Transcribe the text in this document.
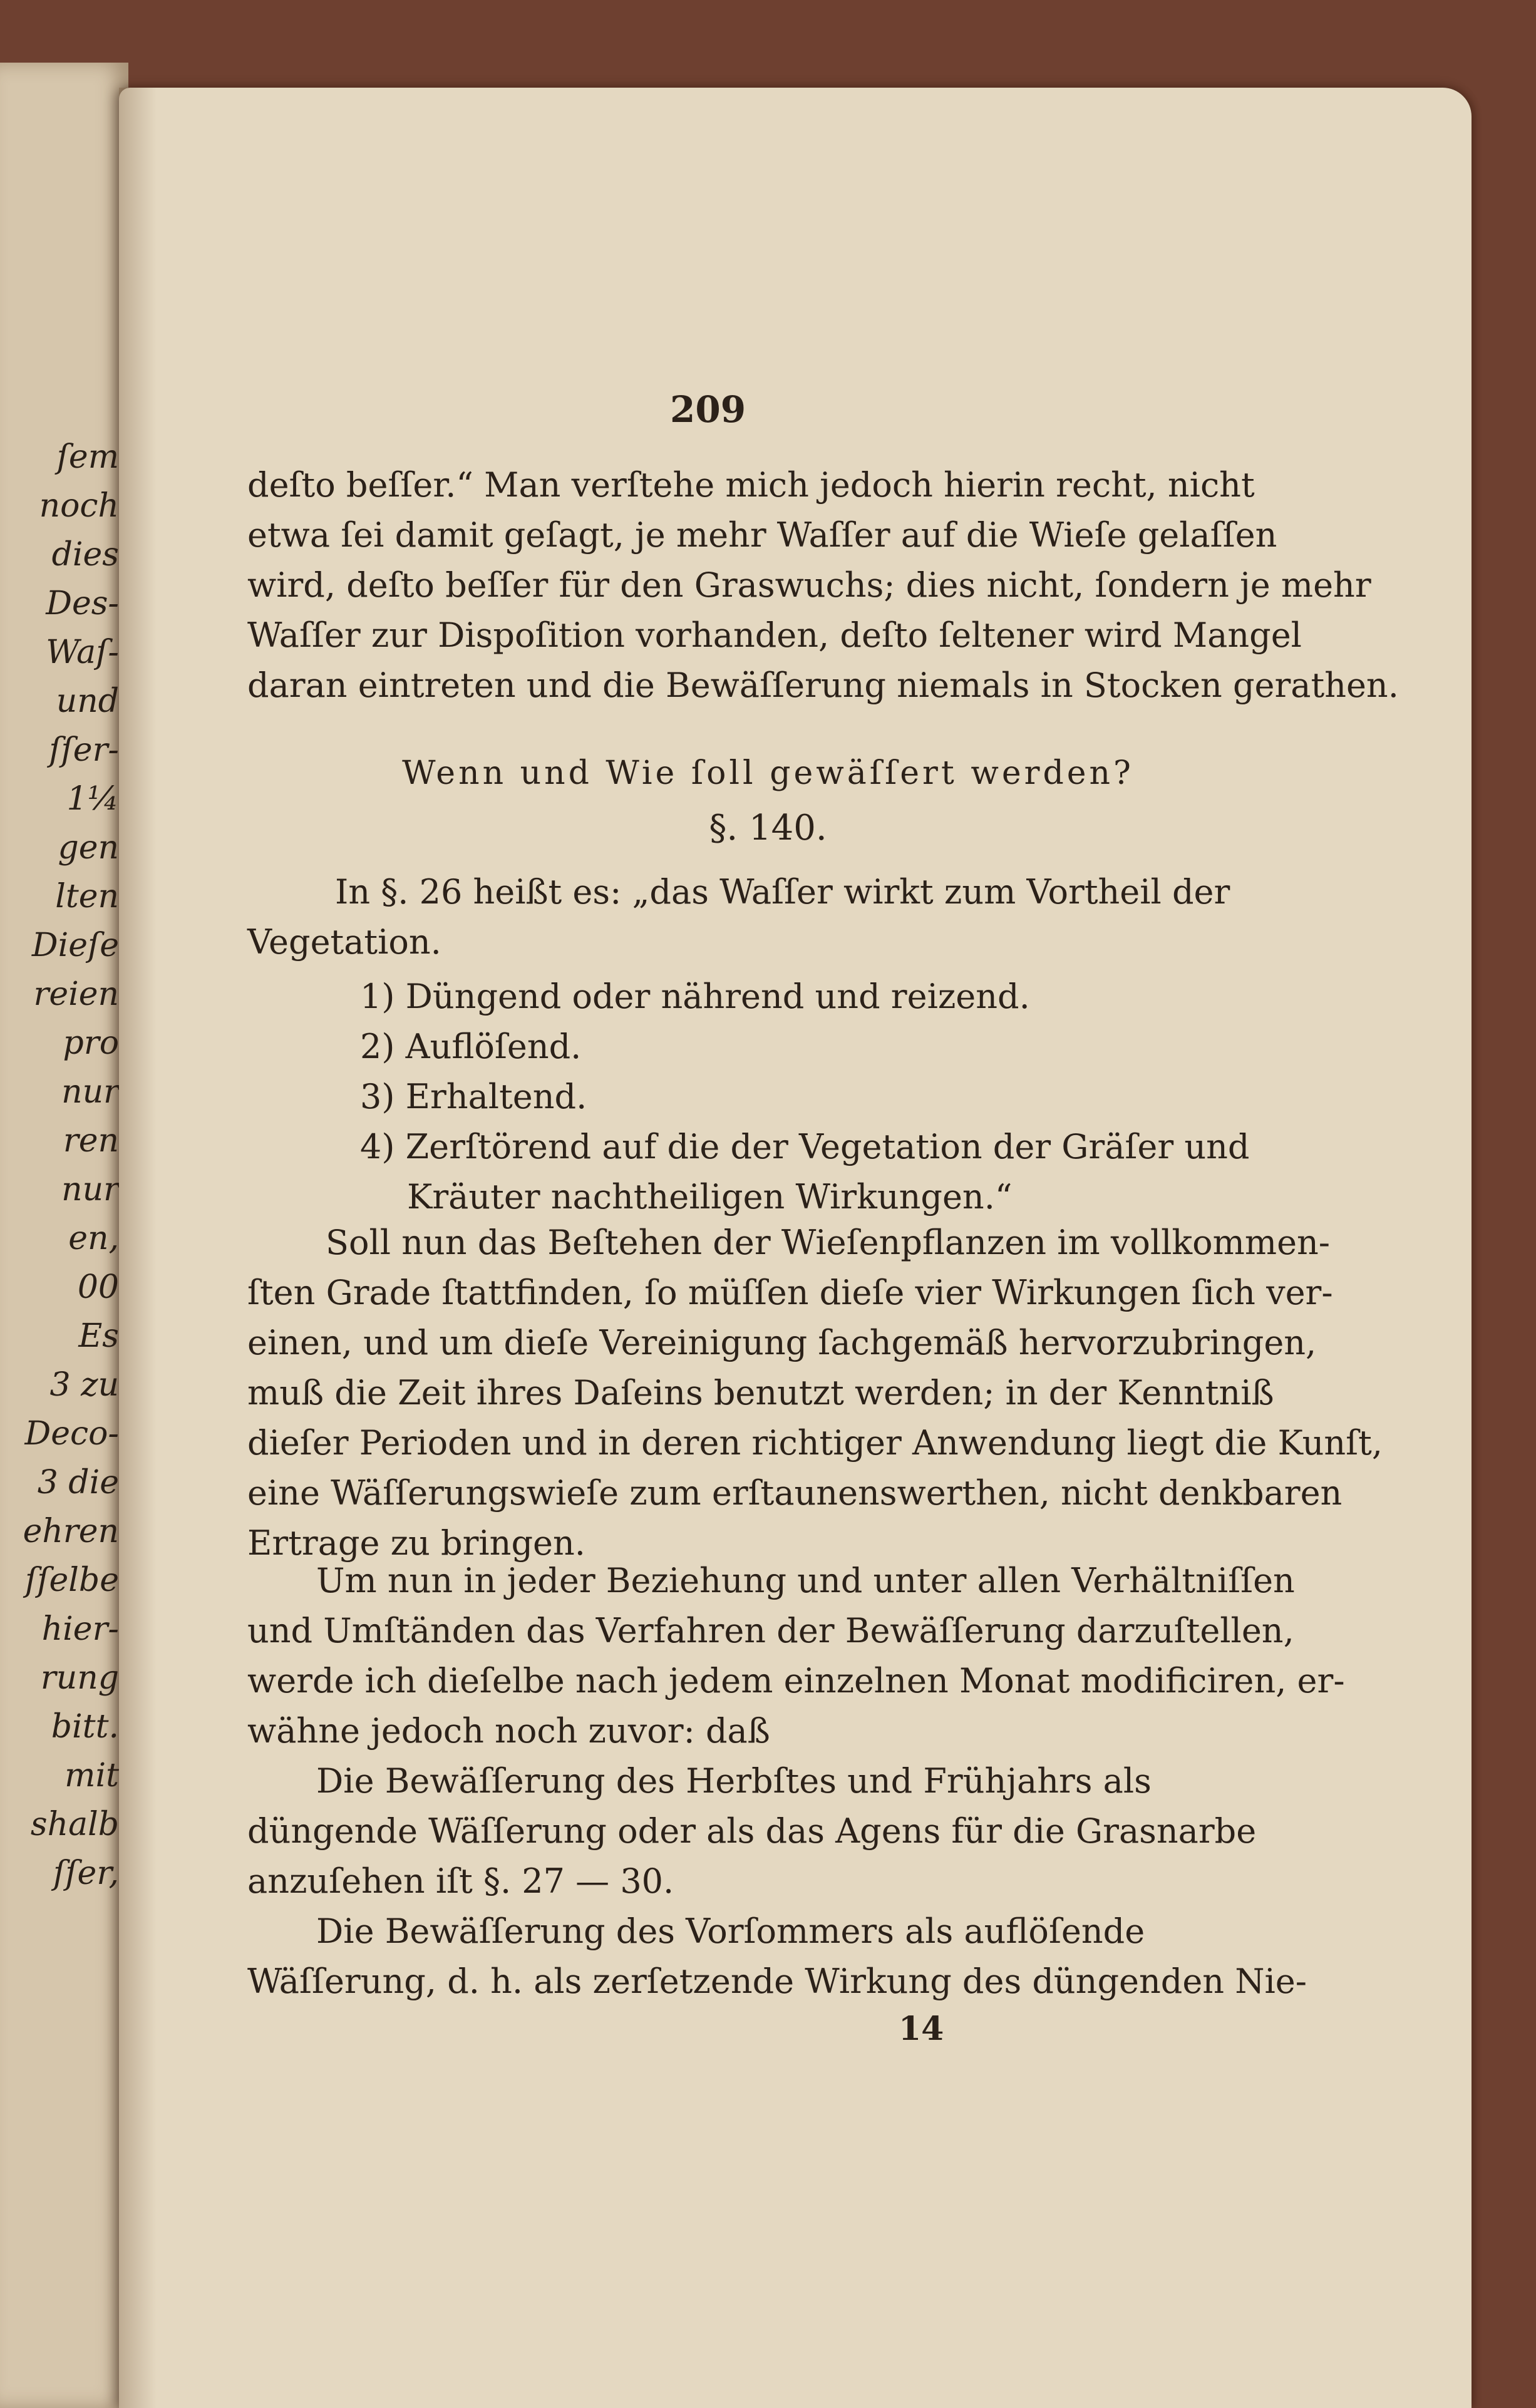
ſem
noch
dies
Des-
Waſ-
und
ſſer-
1¼
gen
lten
Dieſe
reien
pro
nur
ren
nur
en,
00
Es
3 zu
Deco-
3 die
ehren
ſſelbe
hier-
rung
bitt.
mit
shalb
ſſer,
209
deſto beſſer.“ Man verſtehe mich jedoch hierin recht, nicht
etwa ſei damit geſagt, je mehr Waſſer auf die Wieſe gelaſſen
wird, deſto beſſer für den Graswuchs; dies nicht, ſondern je mehr
Waſſer zur Dispoſition vorhanden, deſto ſeltener wird Mangel
daran eintreten und die Bewäſſerung niemals in Stocken gerathen.
Wenn und Wie ſoll gewäſſert werden?
§. 140.
In §. 26 heißt es: „das Waſſer wirkt zum Vortheil der
Vegetation.
1) Düngend oder nährend und reizend.
2) Auflöſend.
3) Erhaltend.
4) Zerſtörend auf die der Vegetation der Gräſer und
Kräuter nachtheiligen Wirkungen.“
Soll nun das Beſtehen der Wieſenpflanzen im vollkommen-
ſten Grade ſtattfinden, ſo müſſen dieſe vier Wirkungen ſich ver-
einen, und um dieſe Vereinigung ſachgemäß hervorzubringen,
muß die Zeit ihres Daſeins benutzt werden; in der Kenntniß
dieſer Perioden und in deren richtiger Anwendung liegt die Kunſt,
eine Wäſſerungswieſe zum erſtaunenswerthen, nicht denkbaren
Ertrage zu bringen.
Um nun in jeder Beziehung und unter allen Verhältniſſen
und Umſtänden das Verfahren der Bewäſſerung darzuſtellen,
werde ich dieſelbe nach jedem einzelnen Monat modificiren, er-
wähne jedoch noch zuvor: daß
Die Bewäſſerung des Herbſtes und Frühjahrs als
düngende Wäſſerung oder als das Agens für die Grasnarbe
anzuſehen iſt §. 27 — 30.
Die Bewäſſerung des Vorſommers als auflöſende
Wäſſerung, d. h. als zerſetzende Wirkung des düngenden Nie-
14
